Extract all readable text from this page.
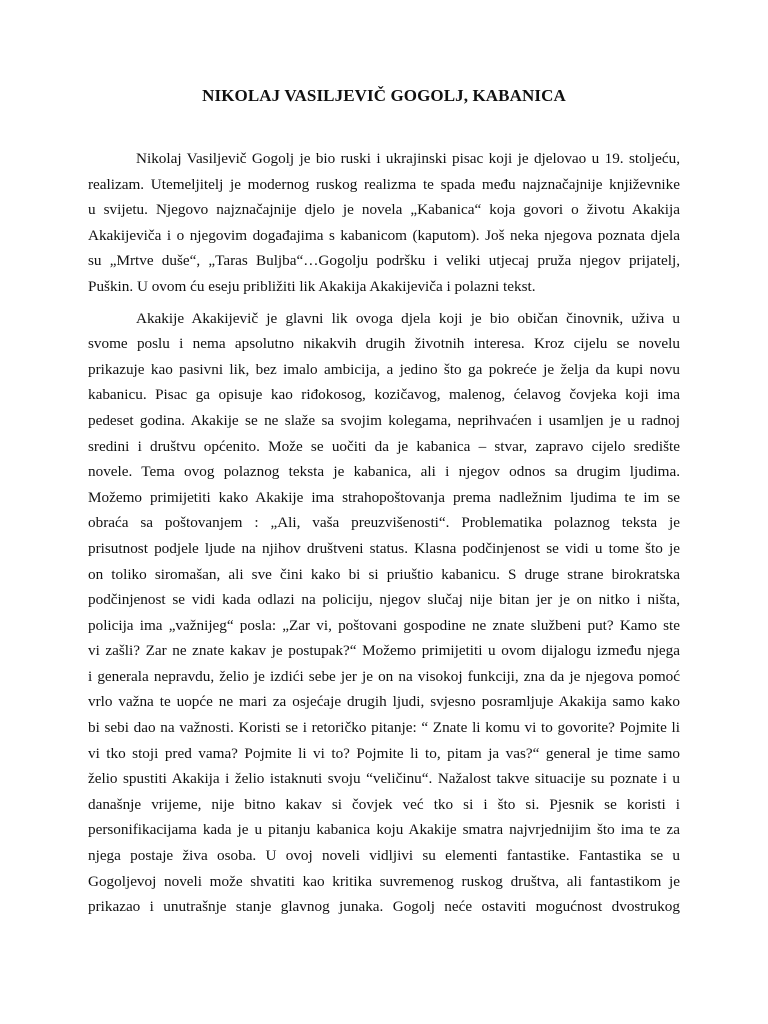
NIKOLAJ VASILJEVIČ GOGOLJ, KABANICA

Nikolaj Vasiljevič Gogolj je bio ruski i ukrajinski pisac koji je djelovao u 19. stoljeću,
realizam. Utemeljitelj je modernog ruskog realizma te spada među najznačajnije književnike
u svijetu. Njegovo najznačajnije djelo je novela „Kabanica“ koja govori o životu Akakija
Akakijeviča i o njegovim događajima s kabanicom (kaputom). Još neka njegova poznata djela
su „Mrtve duše“, „Taras Buljba“…Gogolju podršku i veliki utjecaj pruža njegov prijatelj,
Puškin. U ovom ću eseju približiti lik Akakija Akakijeviča i polazni tekst.

Akakije Akakijevič je glavni lik ovoga djela koji je bio običan činovnik, uživa u
svome poslu i nema apsolutno nikakvih drugih životnih interesa. Kroz cijelu se novelu
prikazuje kao pasivni lik, bez imalo ambicija, a jedino što ga pokreće je želja da kupi novu
kabanicu. Pisac ga opisuje kao riđokosog, kozičavog, malenog, ćelavog čovjeka koji ima
pedeset godina. Akakije se ne slaže sa svojim kolegama, neprihvaćen i usamljen je u radnoj
sredini i društvu općenito. Može se uočiti da je kabanica – stvar, zapravo cijelo središte
novele. Tema ovog polaznog teksta je kabanica, ali i njegov odnos sa drugim ljudima.
Možemo primijetiti kako Akakije ima strahopoštovanja prema nadležnim ljudima te im se
obraća sa poštovanjem : „Ali, vaša preuzvišenosti“. Problematika polaznog teksta je
prisutnost podjele ljude na njihov društveni status. Klasna podčinjenost se vidi u tome što je
on toliko siromašan, ali sve čini kako bi si priuštio kabanicu. S druge strane birokratska
podčinjenost se vidi kada odlazi na policiju, njegov slučaj nije bitan jer je on nitko i ništa,
policija ima „važnijeg“ posla: „Zar vi, poštovani gospodine ne znate službeni put? Kamo ste
vi zašli? Zar ne znate kakav je postupak?“ Možemo primijetiti u ovom dijalogu između njega
i generala nepravdu, želio je izdići sebe jer je on na visokoj funkciji, zna da je njegova pomoć
vrlo važna te uopće ne mari za osjećaje drugih ljudi, svjesno posramljuje Akakija samo kako
bi sebi dao na važnosti. Koristi se i retoričko pitanje: “ Znate li komu vi to govorite? Pojmite li
vi tko stoji pred vama? Pojmite li vi to? Pojmite li to, pitam ja vas?“ general je time samo
želio spustiti Akakija i želio istaknuti svoju “veličinu“. Nažalost takve situacije su poznate i u
današnje vrijeme, nije bitno kakav si čovjek već tko si i što si. Pjesnik se koristi i
personifikacijama kada je u pitanju kabanica koju Akakije smatra najvrjednijim što ima te za
njega postaje živa osoba. U ovoj noveli vidljivi su elementi fantastike. Fantastika se u
Gogoljevoj noveli može shvatiti kao kritika suvremenog ruskog društva, ali fantastikom je
prikazao i unutrašnje stanje glavnog junaka. Gogolj neće ostaviti mogućnost dvostrukog
